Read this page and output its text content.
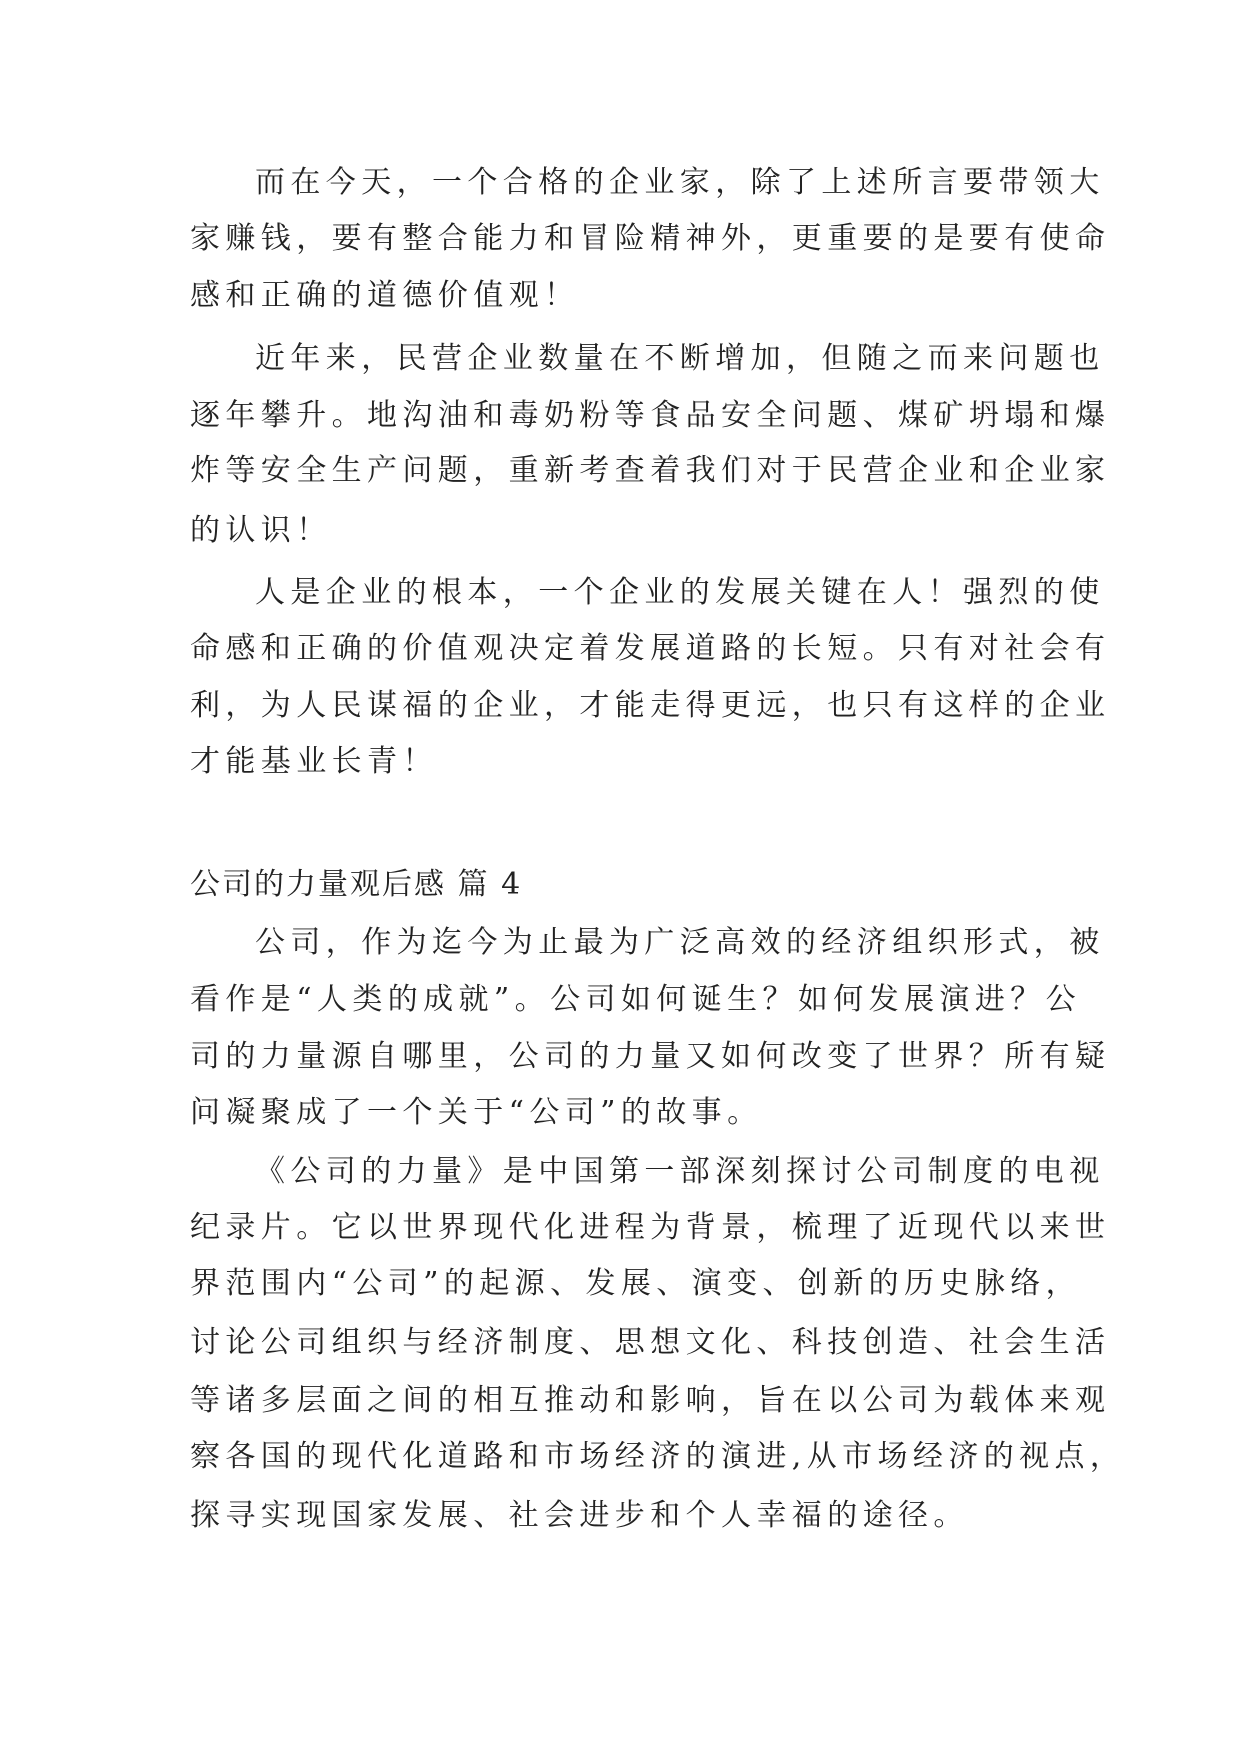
而在今天，一个合格的企业家，除了上述所言要带领大
家赚钱，要有整合能力和冒险精神外，更重要的是要有使命
感和正确的道德价值观！
近年来，民营企业数量在不断增加，但随之而来问题也
逐年攀升。地沟油和毒奶粉等食品安全问题、煤矿坍塌和爆
炸等安全生产问题，重新考查着我们对于民营企业和企业家
的认识！
人是企业的根本，一个企业的发展关键在人！强烈的使
命感和正确的价值观决定着发展道路的长短。只有对社会有
利，为人民谋福的企业，才能走得更远，也只有这样的企业
才能基业长青！
公司的力量观后感 篇 4
公司，作为迄今为止最为广泛高效的经济组织形式，被
看作是“人类的成就”。公司如何诞生？如何发展演进？公
司的力量源自哪里，公司的力量又如何改变了世界？所有疑
问凝聚成了一个关于“公司”的故事。
《公司的力量》是中国第一部深刻探讨公司制度的电视
纪录片。它以世界现代化进程为背景，梳理了近现代以来世
界范围内“公司”的起源、发展、演变、创新的历史脉络，
讨论公司组织与经济制度、思想文化、科技创造、社会生活
等诸多层面之间的相互推动和影响，旨在以公司为载体来观
察各国的现代化道路和市场经济的演进,从市场经济的视点，
探寻实现国家发展、社会进步和个人幸福的途径。
